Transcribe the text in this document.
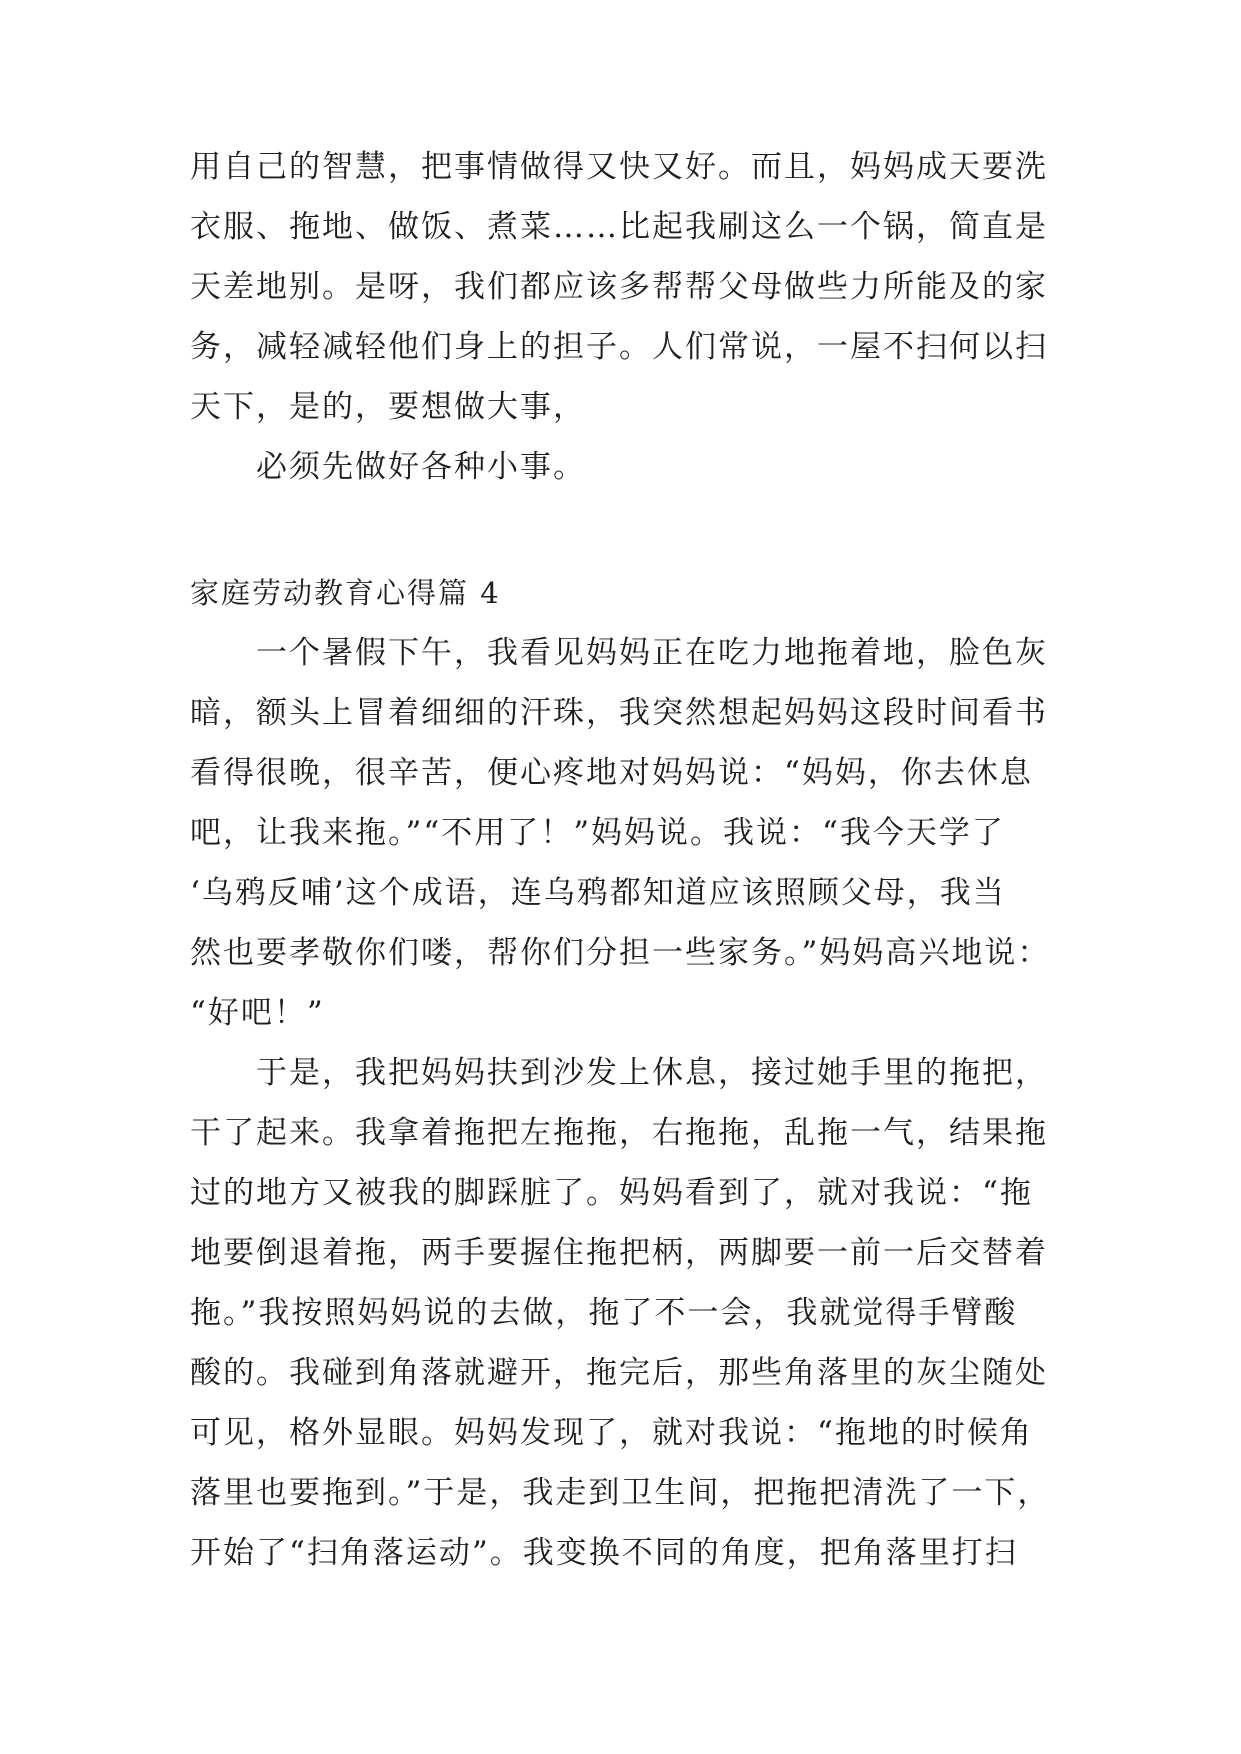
用自己的智慧，把事情做得又快又好。而且，妈妈成天要洗
衣服、拖地、做饭、煮菜……比起我刷这么一个锅，简直是
天差地别。是呀，我们都应该多帮帮父母做些力所能及的家
务，减轻减轻他们身上的担子。人们常说，一屋不扫何以扫
天下，是的，要想做大事，
必须先做好各种小事。
家庭劳动教育心得篇 4
一个暑假下午，我看见妈妈正在吃力地拖着地，脸色灰
暗，额头上冒着细细的汗珠，我突然想起妈妈这段时间看书
看得很晚，很辛苦，便心疼地对妈妈说：“妈妈，你去休息
吧，让我来拖。”“不用了！”妈妈说。我说：“我今天学了
‘乌鸦反哺’这个成语，连乌鸦都知道应该照顾父母，我当
然也要孝敬你们喽，帮你们分担一些家务。”妈妈高兴地说：
“好吧！”
于是，我把妈妈扶到沙发上休息，接过她手里的拖把，
干了起来。我拿着拖把左拖拖，右拖拖，乱拖一气，结果拖
过的地方又被我的脚踩脏了。妈妈看到了，就对我说：“拖
地要倒退着拖，两手要握住拖把柄，两脚要一前一后交替着
拖。”我按照妈妈说的去做，拖了不一会，我就觉得手臂酸
酸的。我碰到角落就避开，拖完后，那些角落里的灰尘随处
可见，格外显眼。妈妈发现了，就对我说：“拖地的时候角
落里也要拖到。”于是，我走到卫生间，把拖把清洗了一下，
开始了“扫角落运动”。我变换不同的角度，把角落里打扫
